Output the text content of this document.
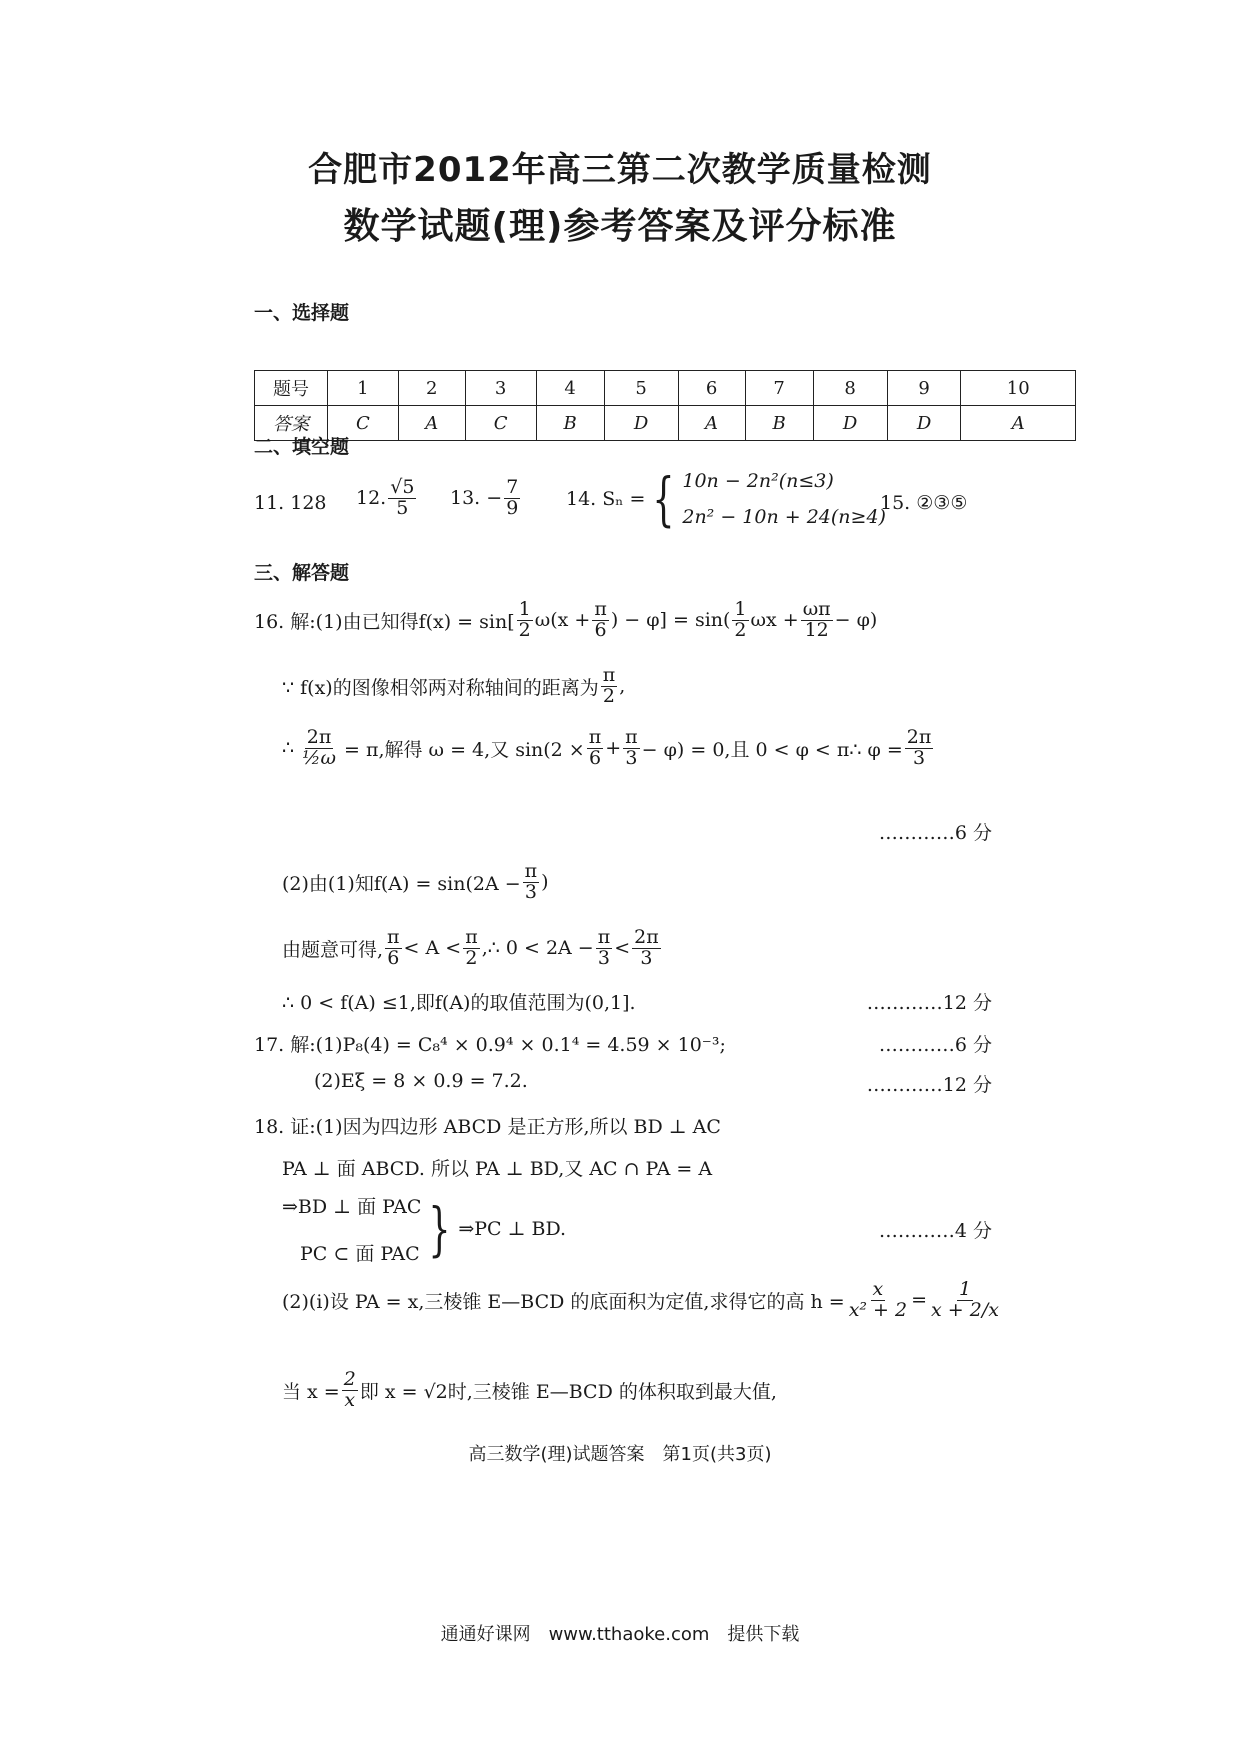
合肥市2012年高三第二次教学质量检测
数学试题(理)参考答案及评分标准
一、选择题
题号	1	2	3	4	5	6	7	8	9	10
答案	C	A	C	B	D	A	B	D	D	A
二、填空题
11. 128 12. $\frac{√5}{5} 13$. − $\frac{7}{9} 14$. Sₙ = { 10n − 2n²(n≤3)
2n² − 10n + 24(n≥4)
15. ②③⑤
三、解答题
16. 解:(1)由已知得$f(x) = \sin[ \frac{1}{2} \omega(x + \frac{\pi}{6}$ ) − $\varphi] = \sin( \frac{1}{2}$ $\omega x + \frac{\omega\pi}{12} - \varphi$)
∵ f(x)的图像相邻两对称轴间的距离为 $\frac{\pi}{2}$ ,
∴ $\frac{2\pi}{\text{½ω}} = \pi$,解得 ω = 4,又 $\sin(2 \times \frac{\pi}{6} + \frac{\pi}{3} - \varphi) = 0$,且 0 < φ < π∴ $\varphi = \frac{2\pi}{3}$
…………6 分
(2)由(1)知$f(A) = \sin(2A - \frac{\pi}{3}$ )
由题意可得, $\frac{\pi}{6} < A < \frac{\pi}{2}$ ,∴ $0 < 2A - \frac{\pi}{3} < \frac{2\pi}{3}$
∴ 0 < f(A) ≤1,即f(A)的取值范围为(0,1].	…………12 分
17. 解:(1)P₈(4) = C₈⁴ × 0.9⁴ × 0.1⁴ = 4.59 × 10⁻³;	…………6 分
(2)Eξ = 8 × 0.9 = 7.2.	…………12 分
18. 证:(1)因为四边形 ABCD 是正方形,所以 BD ⊥ AC
PA ⊥ 面 ABCD. 所以 PA ⊥ BD,又 AC ∩ PA = A
⇒BD ⊥ 面 PAC
PC ⊂ 面 PAC } ⇒PC ⊥ BD.	…………4 分
(2)(i)设 PA = x,三棱锥 E—BCD 的底面积为定值,求得它的高 $h = \frac{x}{\text{x² + 2}} = \frac{1}{x + 2/x}$
当 $x = \frac{2}{x}$ 即 x = √2时,三棱锥 E—BCD 的体积取到最大值,
高三数学(理)试题答案　第1页(共3页)
通通好课网　www.tthaoke.com　提供下载
